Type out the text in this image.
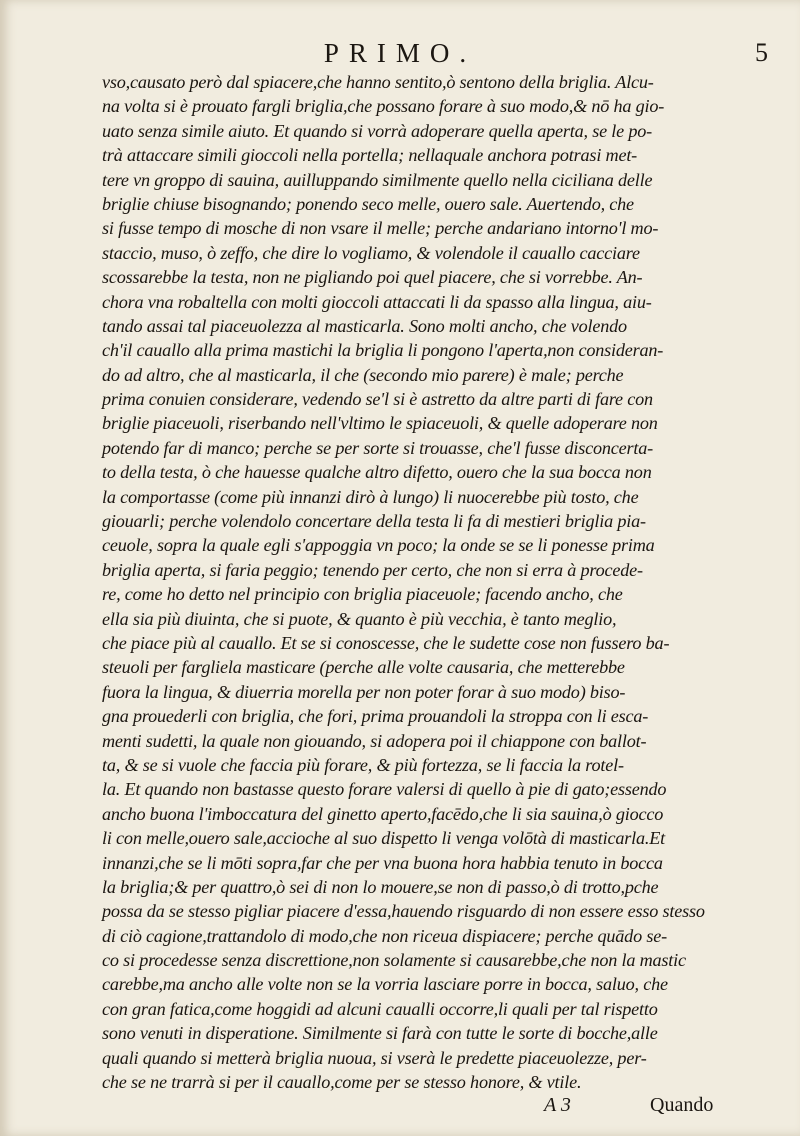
PRIMO.	5
vso,causato però dal spiacere,che hanno sentito,ò sentono della briglia. Alcu-
na volta si è prouato fargli briglia,che possano forare à suo modo,& nō ha gio-
uato senza simile aiuto. Et quando si vorrà adoperare quella aperta, se le po-
trà attaccare simili gioccoli nella portella; nellaquale anchora potrasi met-
tere vn groppo di sauina, auilluppando similmente quello nella ciciliana delle
briglie chiuse bisognando; ponendo seco melle, ouero sale. Auertendo, che
si fusse tempo di mosche di non vsare il melle; perche andariano intorno'l mo-
staccio, muso, ò zeffo, che dire lo vogliamo, & volendole il cauallo cacciare
scossarebbe la testa, non ne pigliando poi quel piacere, che si vorrebbe. An-
chora vna robaltella con molti gioccoli attaccati li da spasso alla lingua, aiu-
tando assai tal piaceuolezza al masticarla. Sono molti ancho, che volendo
ch'il cauallo alla prima mastichi la briglia li pongono l'aperta,non consideran-
do ad altro, che al masticarla, il che (secondo mio parere) è male; perche
prima conuien considerare, vedendo se'l si è astretto da altre parti di fare con
briglie piaceuoli, riserbando nell'vltimo le spiaceuoli, & quelle adoperare non
potendo far di manco; perche se per sorte si trouasse, che'l fusse disconcerta-
to della testa, ò che hauesse qualche altro difetto, ouero che la sua bocca non
la comportasse (come più innanzi dirò à lungo) li nuocerebbe più tosto, che
giouarli; perche volendolo concertare della testa li fa di mestieri briglia pia-
ceuole, sopra la quale egli s'appoggia vn poco; la onde se se li ponesse prima
briglia aperta, si faria peggio; tenendo per certo, che non si erra à procede-
re, come ho detto nel principio con briglia piaceuole; facendo ancho, che
ella sia più diuinta, che si puote, & quanto è più vecchia, è tanto meglio,
che piace più al cauallo. Et se si conoscesse, che le sudette cose non fussero ba-
steuoli per fargliela masticare (perche alle volte causaria, che metterebbe
fuora la lingua, & diuerria morella per non poter forar à suo modo) biso-
gna prouederli con briglia, che fori, prima prouandoli la stroppa con li esca-
menti sudetti, la quale non giouando, si adopera poi il chiappone con ballot-
ta, & se si vuole che faccia più forare, & più fortezza, se li faccia la rotel-
la. Et quando non bastasse questo forare valersi di quello à pie di gato;essendo
ancho buona l'imboccatura del ginetto aperto,facēdo,che li sia sauina,ò giocco
li con melle,ouero sale,accioche al suo dispetto li venga volōtà di masticarla.Et
innanzi,che se li mōti sopra,far che per vna buona hora habbia tenuto in bocca
la briglia;& per quattro,ò sei di non lo mouere,se non di passo,ò di trotto,pche
possa da se stesso pigliar piacere d'essa,hauendo risguardo di non essere esso stesso
di ciò cagione,trattandolo di modo,che non riceua dispiacere; perche quādo se-
co si procedesse senza discrettione,non solamente si causarebbe,che non la mastic
carebbe,ma ancho alle volte non se la vorria lasciare porre in bocca, saluo, che
con gran fatica,come hoggidi ad alcuni caualli occorre,li quali per tal rispetto
sono venuti in disperatione. Similmente si farà con tutte le sorte di bocche,alle
quali quando si metterà briglia nuoua, si vserà le predette piaceuolezze, per-
che se ne trarrà si per il cauallo,come per se stesso honore, & vtile.
A 3	Quando
